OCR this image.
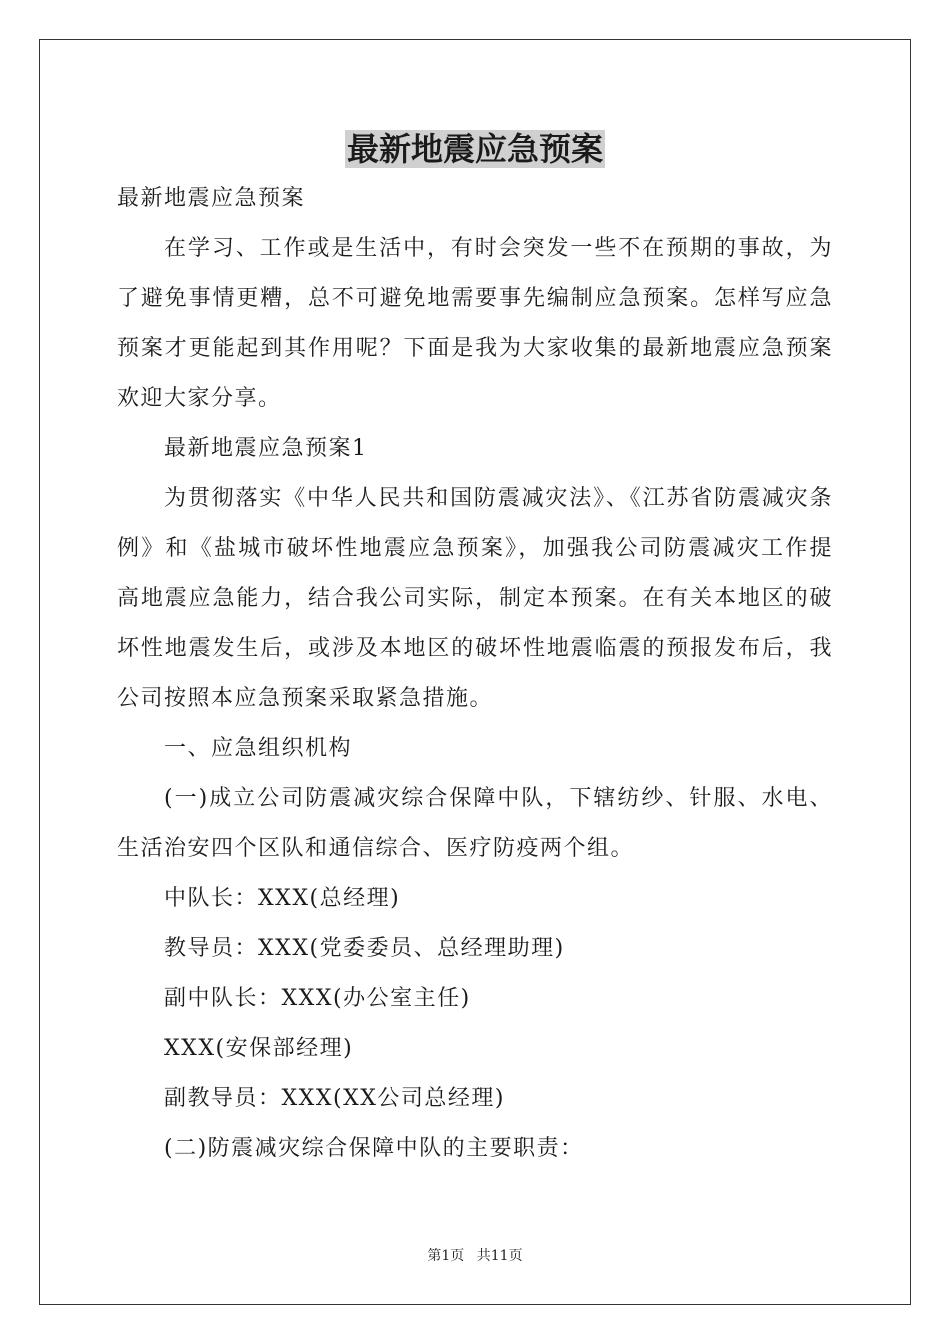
最新地震应急预案

最新地震应急预案

在学习、工作或是生活中，有时会突发一些不在预期的事故，为了避免事情更糟，总不可避免地需要事先编制应急预案。怎样写应急预案才更能起到其作用呢？下面是我为大家收集的最新地震应急预案欢迎大家分享。

最新地震应急预案1

为贯彻落实《中华人民共和国防震减灾法》、《江苏省防震减灾条例》和《盐城市破坏性地震应急预案》，加强我公司防震减灾工作提高地震应急能力，结合我公司实际，制定本预案。在有关本地区的破坏性地震发生后，或涉及本地区的破坏性地震临震的预报发布后，我公司按照本应急预案采取紧急措施。

一、应急组织机构

(一)成立公司防震减灾综合保障中队，下辖纺纱、针服、水电、生活治安四个区队和通信综合、医疗防疫两个组。

中队长：XXX(总经理)

教导员：XXX(党委委员、总经理助理)

副中队长：XXX(办公室主任)

XXX(安保部经理)

副教导员：XXX(XX公司总经理)

(二)防震减灾综合保障中队的主要职责：

第1页 共11页
